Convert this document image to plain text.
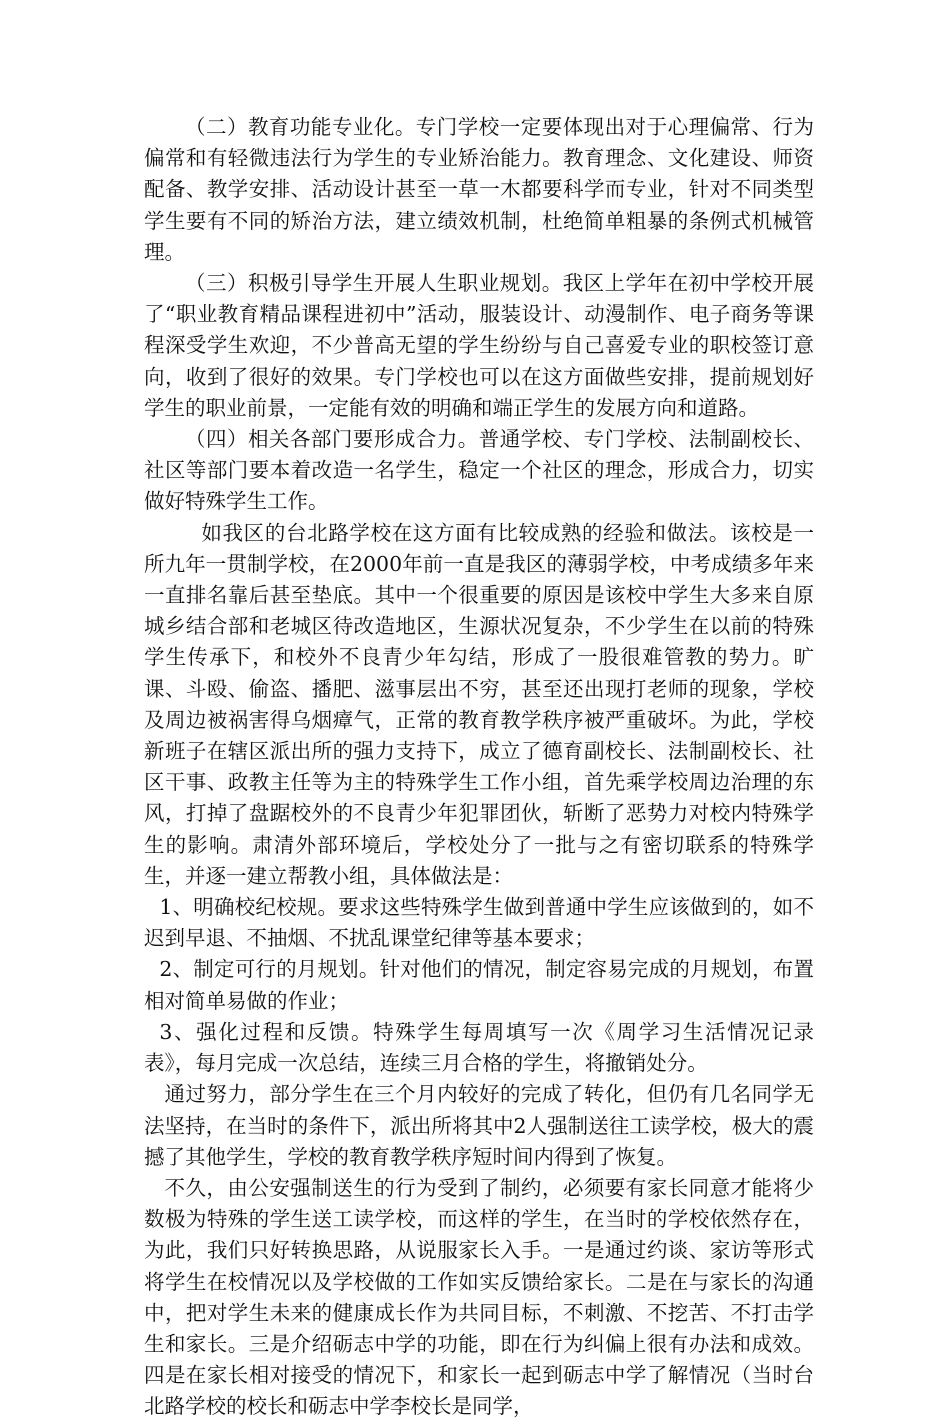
（二）教育功能专业化。专门学校一定要体现出对于心理偏常、行为偏常和有轻微违法行为学生的专业矫治能力。教育理念、文化建设、师资配备、教学安排、活动设计甚至一草一木都要科学而专业，针对不同类型学生要有不同的矫治方法，建立绩效机制，杜绝简单粗暴的条例式机械管理。

（三）积极引导学生开展人生职业规划。我区上学年在初中学校开展了“职业教育精品课程进初中”活动，服装设计、动漫制作、电子商务等课程深受学生欢迎，不少普高无望的学生纷纷与自己喜爱专业的职校签订意向，收到了很好的效果。专门学校也可以在这方面做些安排，提前规划好学生的职业前景，一定能有效的明确和端正学生的发展方向和道路。

（四）相关各部门要形成合力。普通学校、专门学校、法制副校长、社区等部门要本着改造一名学生，稳定一个社区的理念，形成合力，切实做好特殊学生工作。

如我区的台北路学校在这方面有比较成熟的经验和做法。该校是一所九年一贯制学校，在2000年前一直是我区的薄弱学校，中考成绩多年来一直排名靠后甚至垫底。其中一个很重要的原因是该校中学生大多来自原城乡结合部和老城区待改造地区，生源状况复杂，不少学生在以前的特殊学生传承下，和校外不良青少年勾结，形成了一股很难管教的势力。旷课、斗殴、偷盗、播肥、滋事层出不穷，甚至还出现打老师的现象，学校及周边被祸害得乌烟瘴气，正常的教育教学秩序被严重破坏。为此，学校新班子在辖区派出所的强力支持下，成立了德育副校长、法制副校长、社区干事、政教主任等为主的特殊学生工作小组，首先乘学校周边治理的东风，打掉了盘踞校外的不良青少年犯罪团伙，斩断了恶势力对校内特殊学生的影响。肃清外部环境后，学校处分了一批与之有密切联系的特殊学生，并逐一建立帮教小组，具体做法是：

1、明确校纪校规。要求这些特殊学生做到普通中学生应该做到的，如不迟到早退、不抽烟、不扰乱课堂纪律等基本要求；

2、制定可行的月规划。针对他们的情况，制定容易完成的月规划，布置相对简单易做的作业；

3、强化过程和反馈。特殊学生每周填写一次《周学习生活情况记录表》，每月完成一次总结，连续三月合格的学生，将撤销处分。

通过努力，部分学生在三个月内较好的完成了转化，但仍有几名同学无法坚持，在当时的条件下，派出所将其中2人强制送往工读学校，极大的震撼了其他学生，学校的教育教学秩序短时间内得到了恢复。

不久，由公安强制送生的行为受到了制约，必须要有家长同意才能将少数极为特殊的学生送工读学校，而这样的学生，在当时的学校依然存在，为此，我们只好转换思路，从说服家长入手。一是通过约谈、家访等形式将学生在校情况以及学校做的工作如实反馈给家长。二是在与家长的沟通中，把对学生未来的健康成长作为共同目标，不刺激、不挖苦、不打击学生和家长。三是介绍砺志中学的功能，即在行为纠偏上很有办法和成效。四是在家长相对接受的情况下，和家长一起到砺志中学了解情况（当时台北路学校的校长和砺志中学李校长是同学，
